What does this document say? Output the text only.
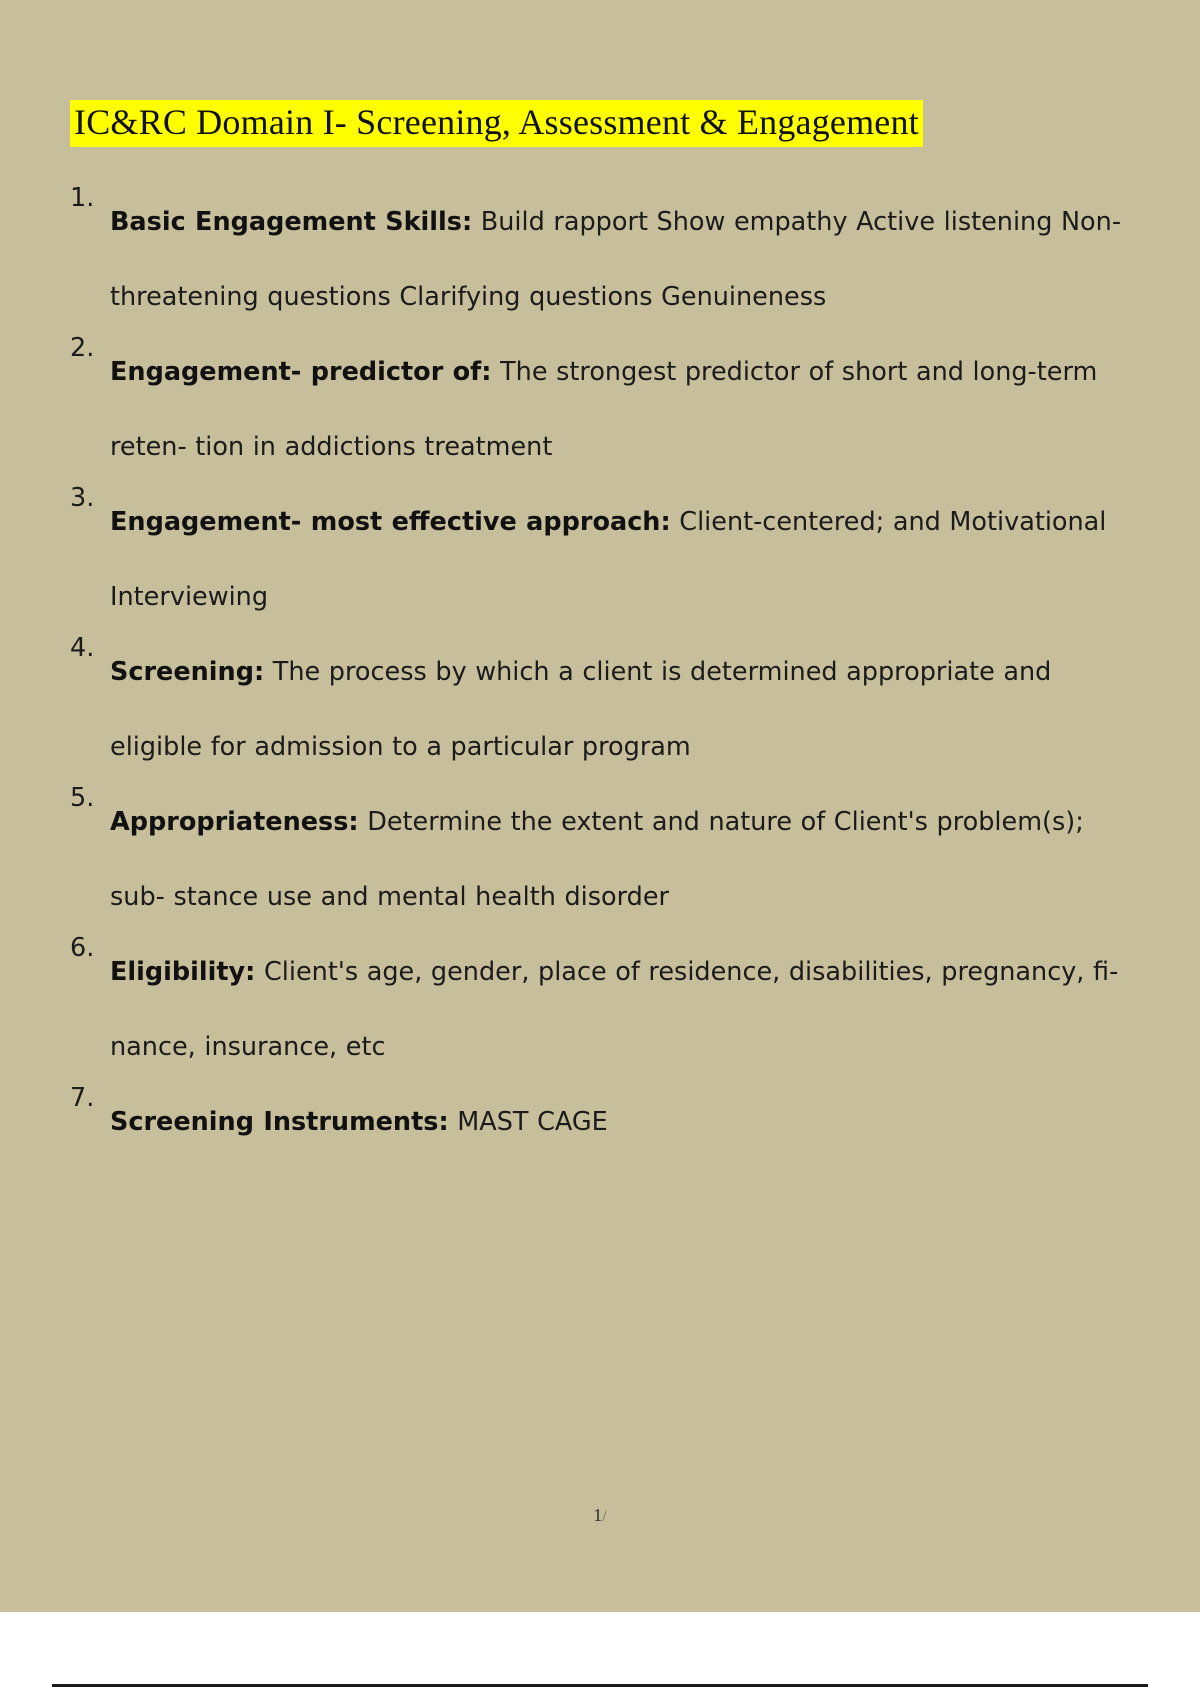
IC&RC Domain I- Screening, Assessment & Engagement
1.
Basic Engagement Skills: Build rapport Show empathy Active listening Non-threatening questions Clarifying questions Genuineness
2.
Engagement- predictor of: The strongest predictor of short and long-term reten- tion in addictions treatment
3.
Engagement- most effective approach: Client-centered; and Motivational Interviewing
4.
Screening: The process by which a client is determined appropriate and eligible for admission to a particular program
5.
Appropriateness: Determine the extent and nature of Client's problem(s); sub- stance use and mental health disorder
6.
Eligibility: Client's age, gender, place of residence, disabilities, pregnancy, fi- nance, insurance, etc
7.
Screening Instruments: MAST CAGE
1/
